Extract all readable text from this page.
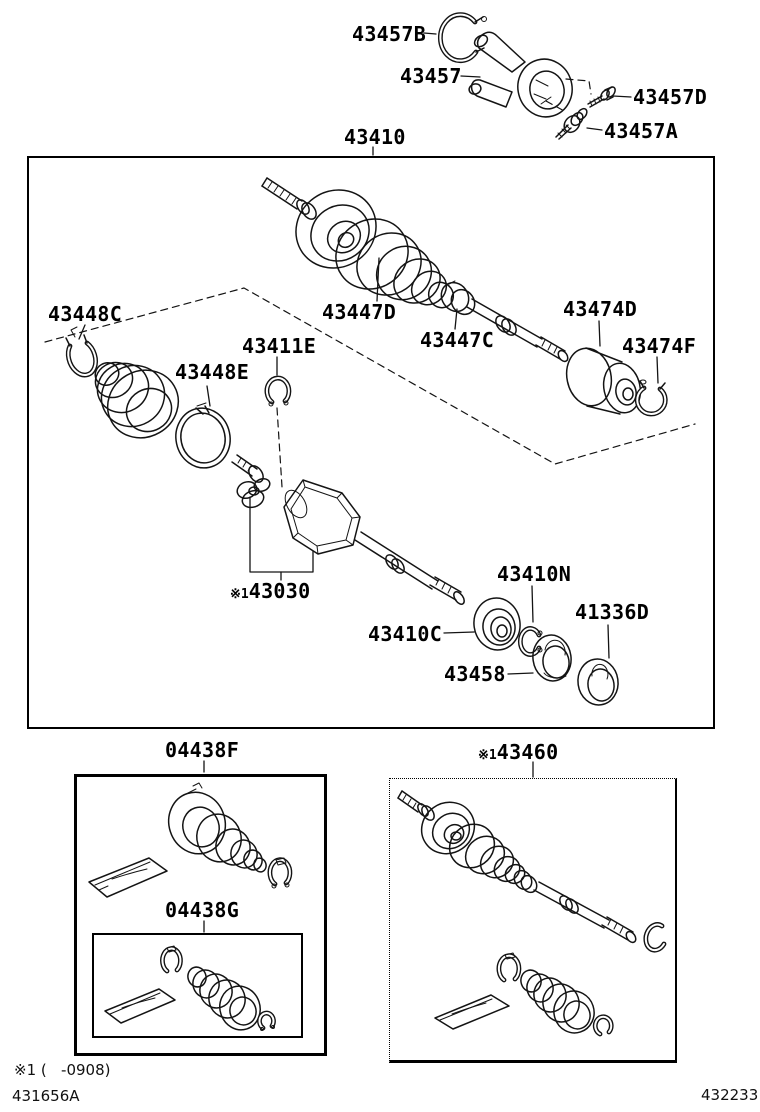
43457B
43457
43457D
43457A
43410
43448C	43447D
43447C
43474D
43474F
43411E
43448E
※143030
43410C
43410N
43458
41336D
04438F
04438G
※143460
※1 (   -0908)
431656A	432233
